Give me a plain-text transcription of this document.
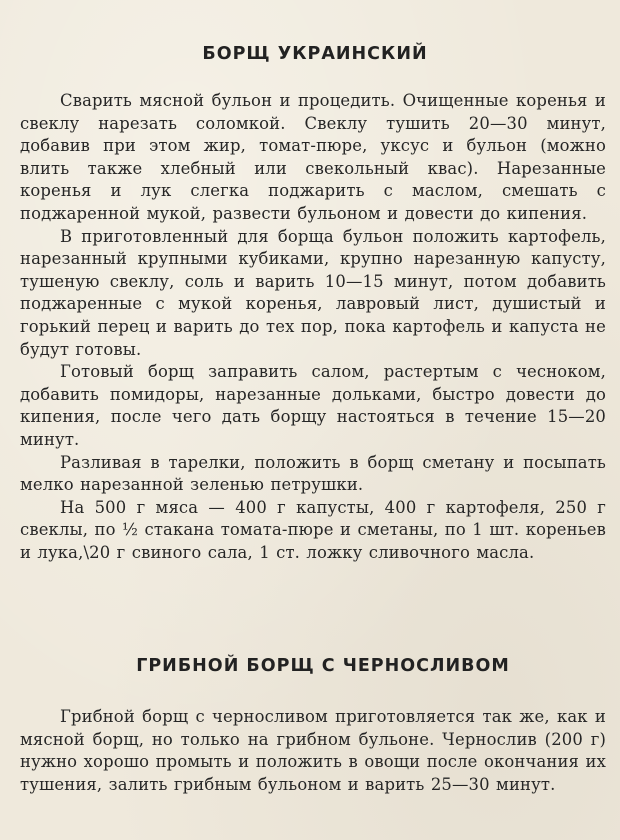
БОРЩ УКРАИНСКИЙ

Сварить мясной бульон и процедить. Очищенные коренья и свеклу нарезать соломкой. Свеклу тушить 20—30 минут, добавив при этом жир, томат-пюре, уксус и бульон (можно влить также хлебный или свекольный квас). Нарезанные коренья и лук слегка поджарить с маслом, смешать с поджаренной мукой, развести бульоном и довести до кипения.

В приготовленный для борща бульон положить картофель, нарезанный крупными кубиками, крупно нарезанную капусту, тушеную свеклу, соль и варить 10—15 минут, потом добавить поджаренные с мукой коренья, лавровый лист, душистый и горький перец и варить до тех пор, пока картофель и капуста не будут готовы.

Готовый борщ заправить салом, растертым с чесноком, добавить помидоры, нарезанные дольками, быстро довести до кипения, после чего дать борщу настояться в течение 15—20 минут.

Разливая в тарелки, положить в борщ сметану и посыпать мелко нарезанной зеленью петрушки.

На 500 г мяса — 400 г капусты, 400 г картофеля, 250 г свеклы, по ½ стакана томата-пюре и сметаны, по 1 шт. кореньев и лука,\20 г свиного сала, 1 ст. ложку сливочного масла.

ГРИБНОЙ БОРЩ С ЧЕРНОСЛИВОМ

Грибной борщ с черносливом приготовляется так же, как и мясной борщ, но только на грибном бульоне. Чернослив (200 г) нужно хорошо промыть и положить в овощи после окончания их тушения, залить грибным бульоном и варить 25—30 минут.
